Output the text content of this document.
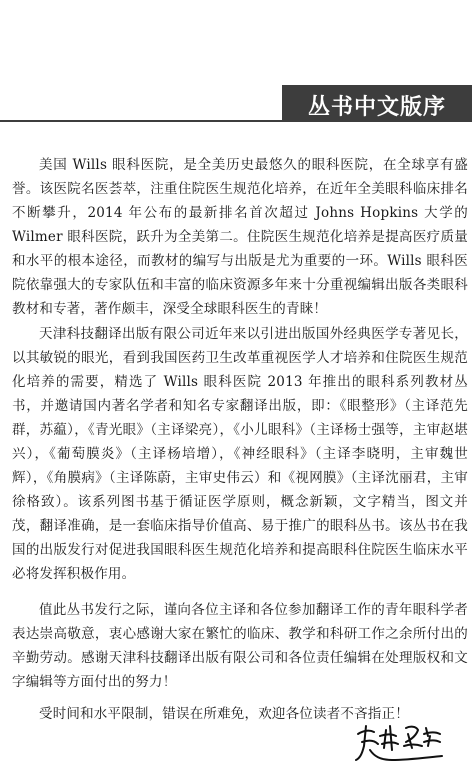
丛书中文版序

美国 Wills 眼科医院，是全美历史最悠久的眼科医院，在全球享有盛誉。该医院名医荟萃，注重住院医生规范化培养，在近年全美眼科临床排名不断攀升，2014 年公布的最新排名首次超过 Johns Hopkins 大学的 Wilmer 眼科医院，跃升为全美第二。住院医生规范化培养是提高医疗质量和水平的根本途径，而教材的编写与出版是尤为重要的一环。Wills 眼科医院依靠强大的专家队伍和丰富的临床资源多年来十分重视编辑出版各类眼科教材和专著，著作颇丰，深受全球眼科医生的青睐！

天津科技翻译出版有限公司近年来以引进出版国外经典医学专著见长，以其敏锐的眼光，看到我国医药卫生改革重视医学人才培养和住院医生规范化培养的需要，精选了 Wills 眼科医院 2013 年推出的眼科系列教材丛书，并邀请国内著名学者和知名专家翻译出版，即：《眼整形》（主译范先群，苏藴），《青光眼》（主译梁亮），《小儿眼科》（主译杨士强等，主审赵堪兴），《葡萄膜炎》（主译杨培增），《神经眼科》（主译李晓明，主审魏世辉），《角膜病》（主译陈蔚，主审史伟云）和《视网膜》（主译沈丽君，主审徐格致）。该系列图书基于循证医学原则，概念新颖，文字精当，图文并茂，翻译准确，是一套临床指导价值高、易于推广的眼科丛书。该丛书在我国的出版发行对促进我国眼科医生规范化培养和提高眼科住院医生临床水平必将发挥积极作用。

值此丛书发行之际，谨向各位主译和各位参加翻译工作的青年眼科学者表达崇高敬意，衷心感谢大家在繁忙的临床、教学和科研工作之余所付出的辛勤劳动。感谢天津科技翻译出版有限公司和各位责任编辑在处理版权和文字编辑等方面付出的努力！

受时间和水平限制，错误在所难免，欢迎各位读者不吝指正！
